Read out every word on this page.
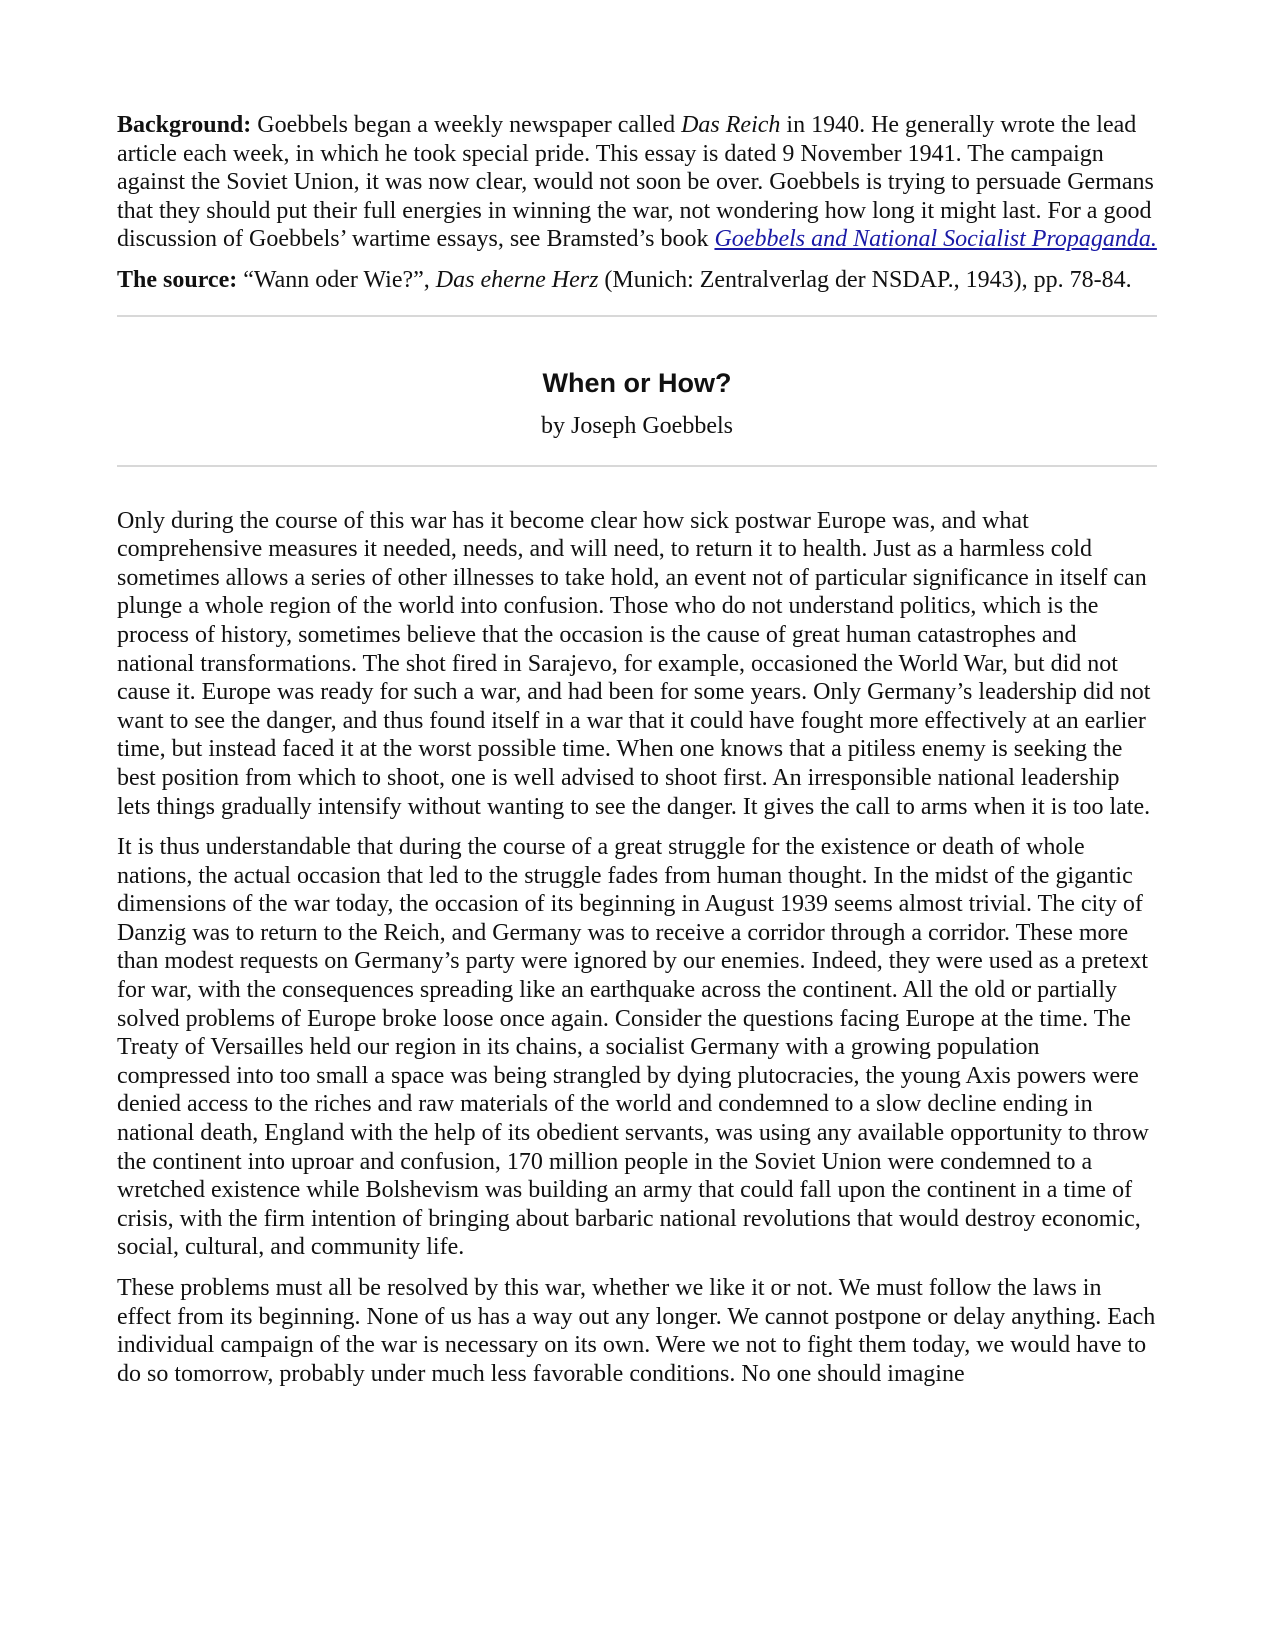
Background: Goebbels began a weekly newspaper called Das Reich in 1940. He generally wrote the lead article each week, in which he took special pride. This essay is dated 9 November 1941. The campaign against the Soviet Union, it was now clear, would not soon be over. Goebbels is trying to persuade Germans that they should put their full energies in winning the war, not wondering how long it might last. For a good discussion of Goebbels’ wartime essays, see Bramsted’s book Goebbels and National Socialist Propaganda.

The source: “Wann oder Wie?”, Das eherne Herz (Munich: Zentralverlag der NSDAP., 1943), pp. 78-84.

When or How?
by Joseph Goebbels

Only during the course of this war has it become clear how sick postwar Europe was, and what comprehensive measures it needed, needs, and will need, to return it to health. Just as a harmless cold sometimes allows a series of other illnesses to take hold, an event not of particular significance in itself can plunge a whole region of the world into confusion. Those who do not understand politics, which is the process of history, sometimes believe that the occasion is the cause of great human catastrophes and national transformations. The shot fired in Sarajevo, for example, occasioned the World War, but did not cause it. Europe was ready for such a war, and had been for some years. Only Germany’s leadership did not want to see the danger, and thus found itself in a war that it could have fought more effectively at an earlier time, but instead faced it at the worst possible time. When one knows that a pitiless enemy is seeking the best position from which to shoot, one is well advised to shoot first. An irresponsible national leadership lets things gradually intensify without wanting to see the danger. It gives the call to arms when it is too late.

It is thus understandable that during the course of a great struggle for the existence or death of whole nations, the actual occasion that led to the struggle fades from human thought. In the midst of the gigantic dimensions of the war today, the occasion of its beginning in August 1939 seems almost trivial. The city of Danzig was to return to the Reich, and Germany was to receive a corridor through a corridor. These more than modest requests on Germany’s party were ignored by our enemies. Indeed, they were used as a pretext for war, with the consequences spreading like an earthquake across the continent. All the old or partially solved problems of Europe broke loose once again. Consider the questions facing Europe at the time. The Treaty of Versailles held our region in its chains, a socialist Germany with a growing population compressed into too small a space was being strangled by dying plutocracies, the young Axis powers were denied access to the riches and raw materials of the world and condemned to a slow decline ending in national death, England with the help of its obedient servants, was using any available opportunity to throw the continent into uproar and confusion, 170 million people in the Soviet Union were condemned to a wretched existence while Bolshevism was building an army that could fall upon the continent in a time of crisis, with the firm intention of bringing about barbaric national revolutions that would destroy economic, social, cultural, and community life.

These problems must all be resolved by this war, whether we like it or not. We must follow the laws in effect from its beginning. None of us has a way out any longer. We cannot postpone or delay anything. Each individual campaign of the war is necessary on its own. Were we not to fight them today, we would have to do so tomorrow, probably under much less favorable conditions. No one should imagine
